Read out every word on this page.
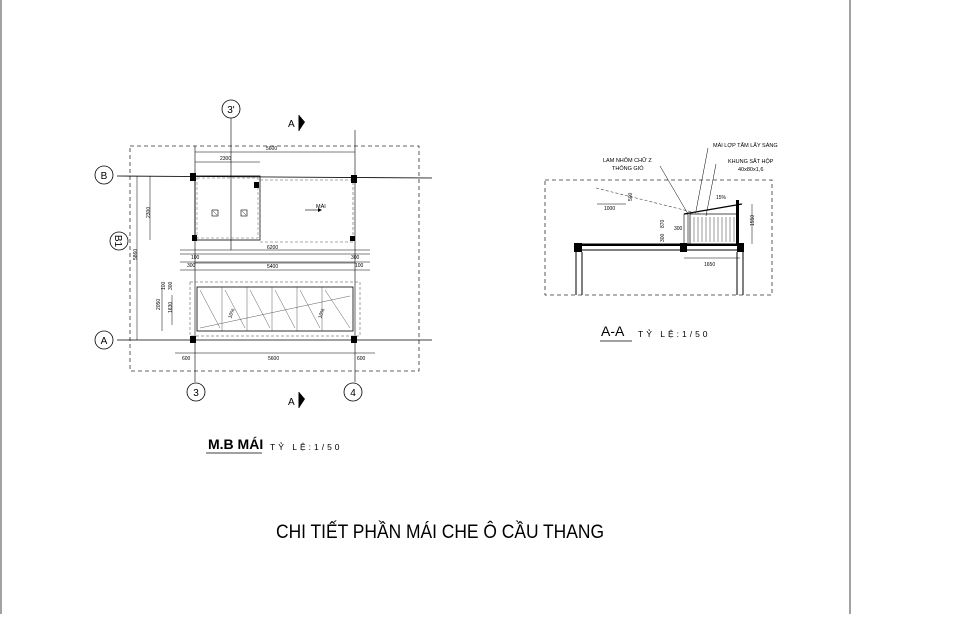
MÁI
10%	10%
5600
2300
6200
5400
100
300
300
100
600	5600	600
2300
5860
2050 1630
100 300
3'
B
B1
A
3	4
A
A
M.B MÁI TỶ LỆ:1/50
15%
MÁI LỢP TẤM LẤY SÁNG
KHUNG SẮT HỘP
40x80x1,6
LAM NHÔM CHỮ Z
THÔNG GIÓ
1000
500
870
300
300
1550
1650
A-A TỶ LỆ:1/50
CHI TIẾT PHẦN MÁI CHE Ô CẦU THANG
